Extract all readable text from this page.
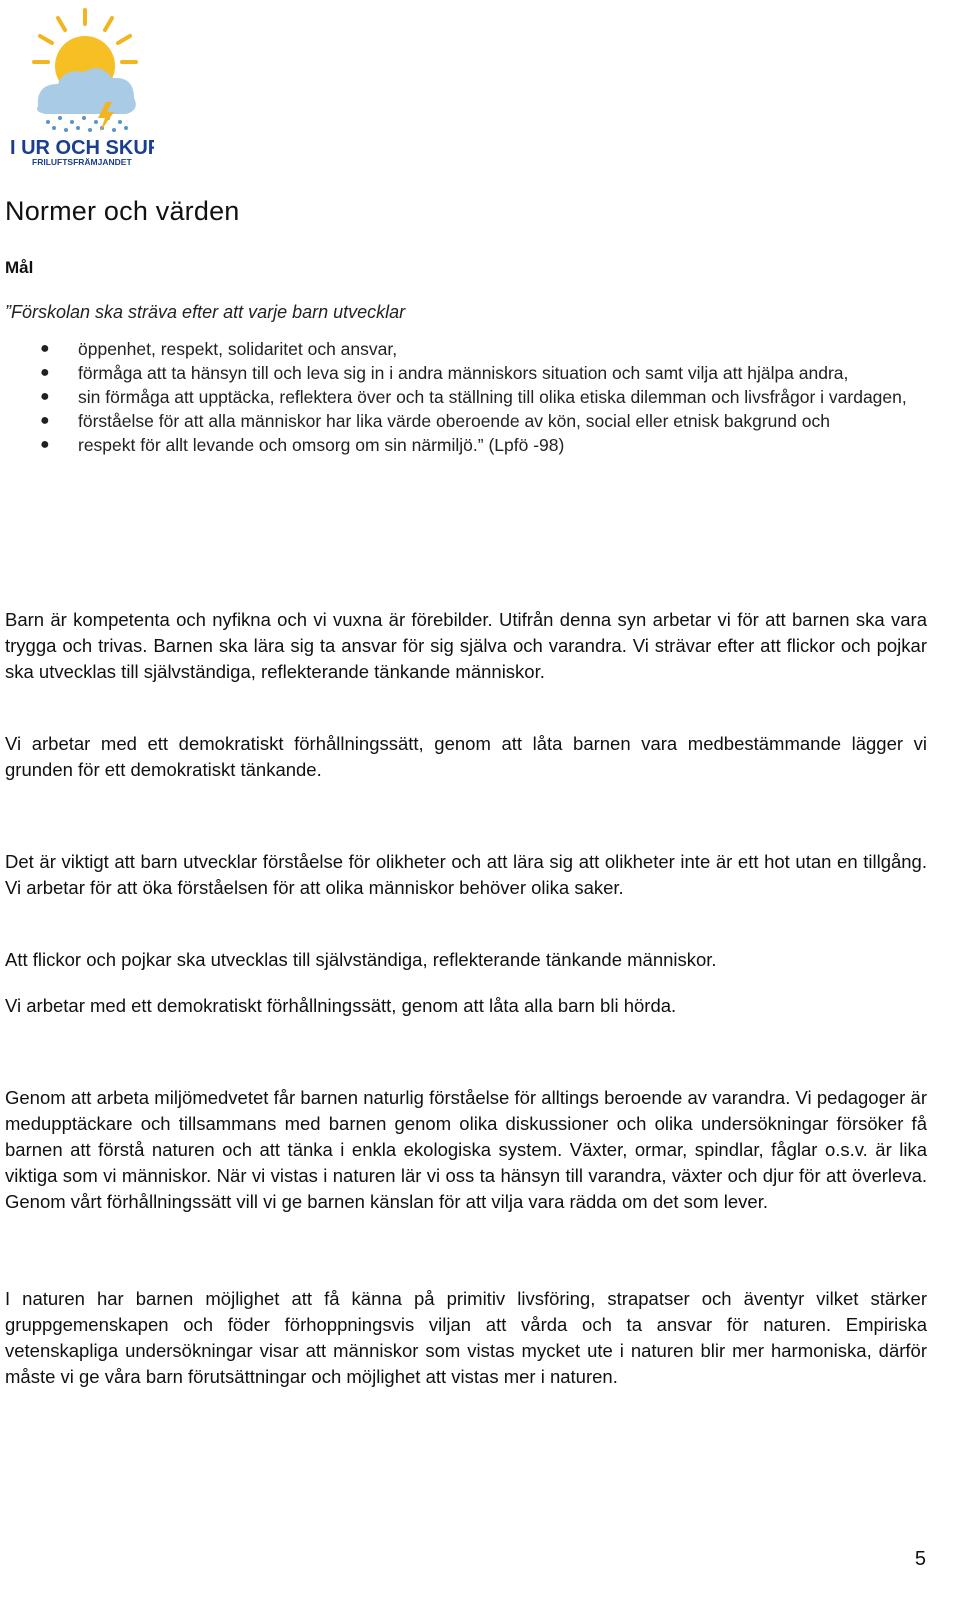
I UR OCH SKUR
FRILUFTSFRÄMJANDET
Normer och värden
Mål
”Förskolan ska sträva efter att varje barn utvecklar
● öppenhet, respekt, solidaritet och ansvar,
● förmåga att ta hänsyn till och leva sig in i andra människors situation och samt vilja att hjälpa andra,
● sin förmåga att upptäcka, reflektera över och ta ställning till olika etiska dilemman och livsfrågor i vardagen,
● förståelse för att alla människor har lika värde oberoende av kön, social eller etnisk bakgrund och
● respekt för allt levande och omsorg om sin närmiljö.” (Lpfö -98)

Barn är kompetenta och nyfikna och vi vuxna är förebilder. Utifrån denna syn arbetar vi för att barnen ska vara trygga och trivas. Barnen ska lära sig ta ansvar för sig själva och varandra. Vi strävar efter att flickor och pojkar ska utvecklas till självständiga, reflekterande tänkande människor.

Vi arbetar med ett demokratiskt förhållningssätt, genom att låta barnen vara medbestämmande lägger vi grunden för ett demokratiskt tänkande.

Det är viktigt att barn utvecklar förståelse för olikheter och att lära sig att olikheter inte är ett hot utan en tillgång. Vi arbetar för att öka förståelsen för att olika människor behöver olika saker.

Att flickor och pojkar ska utvecklas till självständiga, reflekterande tänkande människor.

Vi arbetar med ett demokratiskt förhållningssätt, genom att låta alla barn bli hörda.

Genom att arbeta miljömedvetet får barnen naturlig förståelse för alltings beroende av varandra. Vi pedagoger är medupptäckare och tillsammans med barnen genom olika diskussioner och olika undersökningar försöker få barnen att förstå naturen och att tänka i enkla ekologiska system. Växter, ormar, spindlar, fåglar o.s.v. är lika viktiga som vi människor. När vi vistas i naturen lär vi oss ta hänsyn till varandra, växter och djur för att överleva. Genom vårt förhållningssätt vill vi ge barnen känslan för att vilja vara rädda om det som lever.

I naturen har barnen möjlighet att få känna på primitiv livsföring, strapatser och äventyr vilket stärker gruppgemenskapen och föder förhoppningsvis viljan att vårda och ta ansvar för naturen. Empiriska vetenskapliga undersökningar visar att människor som vistas mycket ute i naturen blir mer harmoniska, därför måste vi ge våra barn förutsättningar och möjlighet att vistas mer i naturen.

5
